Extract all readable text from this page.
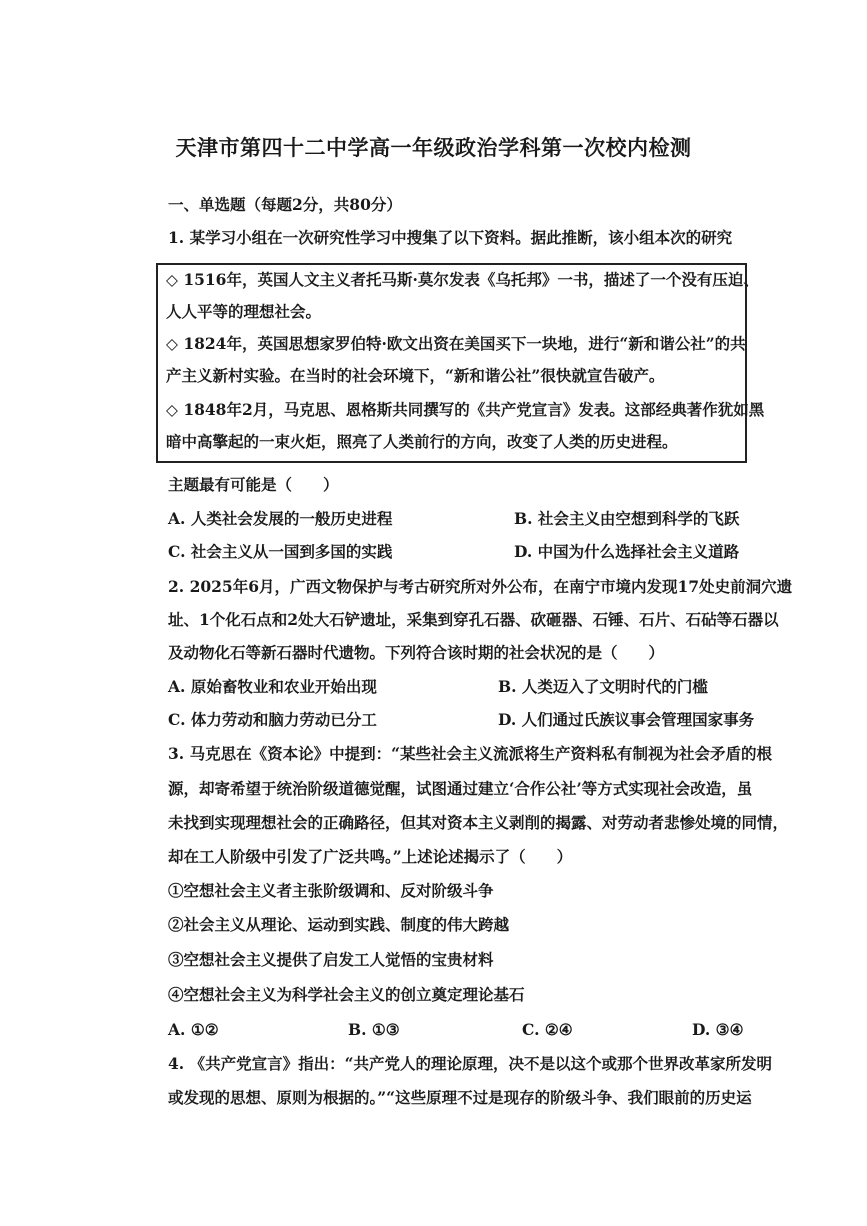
天津市第四十二中学高一年级政治学科第一次校内检测
一、单选题（每题2分，共80分）
1. 某学习小组在一次研究性学习中搜集了以下资料。据此推断，该小组本次的研究
◇ 1516年，英国人文主义者托马斯·莫尔发表《乌托邦》一书，描述了一个没有压迫、
人人平等的理想社会。
◇ 1824年，英国思想家罗伯特·欧文出资在美国买下一块地，进行“新和谐公社”的共
产主义新村实验。在当时的社会环境下，“新和谐公社”很快就宣告破产。
◇ 1848年2月，马克思、恩格斯共同撰写的《共产党宣言》发表。这部经典著作犹如黑
暗中高擎起的一束火炬，照亮了人类前行的方向，改变了人类的历史进程。
主题最有可能是（　　）
A. 人类社会发展的一般历史进程	B. 社会主义由空想到科学的飞跃
C. 社会主义从一国到多国的实践	D. 中国为什么选择社会主义道路
2. 2025年6月，广西文物保护与考古研究所对外公布，在南宁市境内发现17处史前洞穴遗
址、1个化石点和2处大石铲遗址，采集到穿孔石器、砍砸器、石锤、石片、石砧等石器以
及动物化石等新石器时代遗物。下列符合该时期的社会状况的是（　　）
A. 原始畜牧业和农业开始出现	B. 人类迈入了文明时代的门槛
C. 体力劳动和脑力劳动已分工	D. 人们通过氏族议事会管理国家事务
3. 马克思在《资本论》中提到：“某些社会主义流派将生产资料私有制视为社会矛盾的根
源，却寄希望于统治阶级道德觉醒，试图通过建立‘合作公社’等方式实现社会改造，虽
未找到实现理想社会的正确路径，但其对资本主义剥削的揭露、对劳动者悲惨处境的同情，
却在工人阶级中引发了广泛共鸣。”上述论述揭示了（　　）
①空想社会主义者主张阶级调和、反对阶级斗争
②社会主义从理论、运动到实践、制度的伟大跨越
③空想社会主义提供了启发工人觉悟的宝贵材料
④空想社会主义为科学社会主义的创立奠定理论基石
A. ①②	B. ①③	C. ②④	D. ③④
4. 《共产党宣言》指出：“共产党人的理论原理，决不是以这个或那个世界改革家所发明
或发现的思想、原则为根据的。”“这些原理不过是现存的阶级斗争、我们眼前的历史运
